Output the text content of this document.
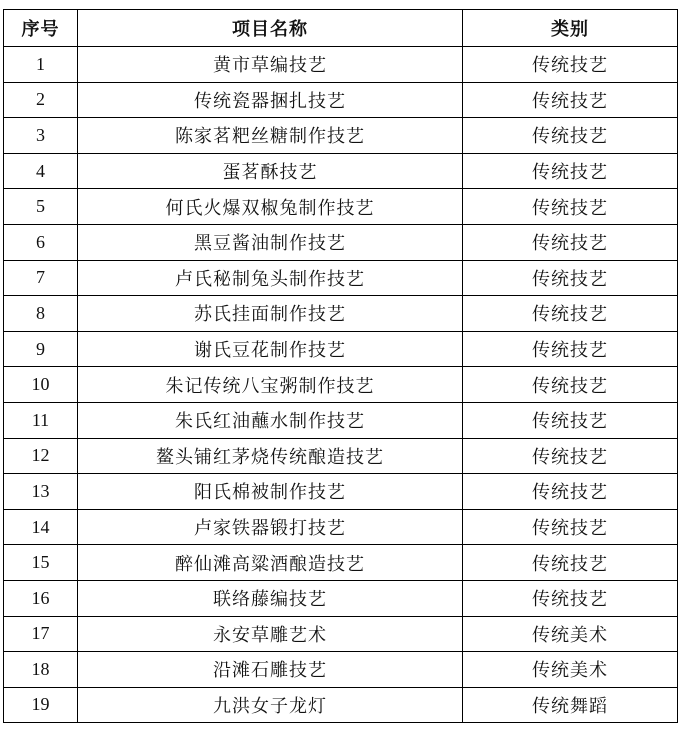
序号	项目名称	类别
1	黄市草编技艺	传统技艺
2	传统瓷器捆扎技艺	传统技艺
3	陈家茗粑丝糖制作技艺	传统技艺
4	蛋茗酥技艺	传统技艺
5	何氏火爆双椒兔制作技艺	传统技艺
6	黑豆酱油制作技艺	传统技艺
7	卢氏秘制兔头制作技艺	传统技艺
8	苏氏挂面制作技艺	传统技艺
9	谢氏豆花制作技艺	传统技艺
10	朱记传统八宝粥制作技艺	传统技艺
11	朱氏红油蘸水制作技艺	传统技艺
12	鳌头铺红茅烧传统酿造技艺	传统技艺
13	阳氏棉被制作技艺	传统技艺
14	卢家铁器锻打技艺	传统技艺
15	醉仙滩高粱酒酿造技艺	传统技艺
16	联络藤编技艺	传统技艺
17	永安草雕艺术	传统美术
18	沿滩石雕技艺	传统美术
19	九洪女子龙灯	传统舞蹈
